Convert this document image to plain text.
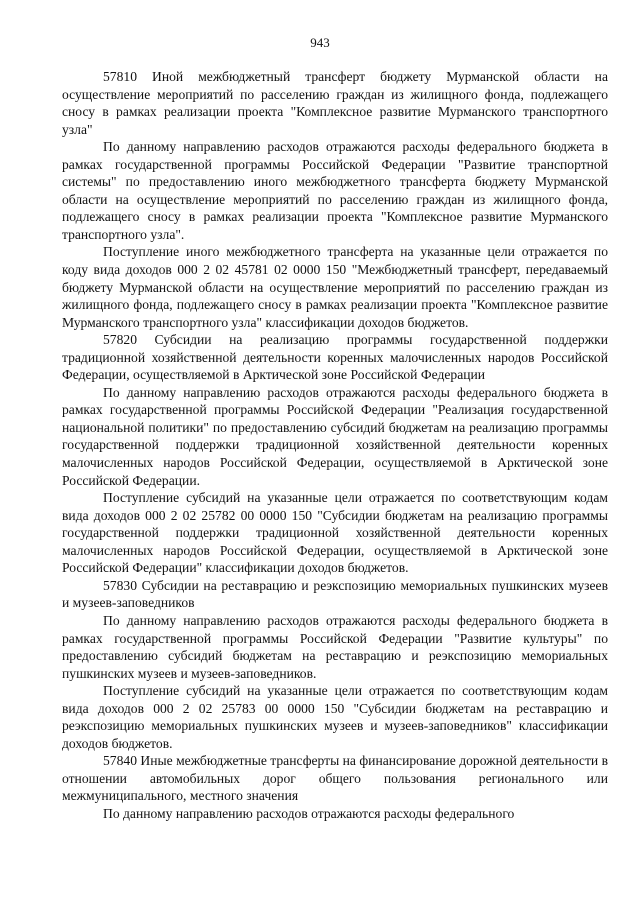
943

57810 Иной межбюджетный трансферт бюджету Мурманской области на осуществление мероприятий по расселению граждан из жилищного фонда, подлежащего сносу в рамках реализации проекта "Комплексное развитие Мурманского транспортного узла"

По данному направлению расходов отражаются расходы федерального бюджета в рамках государственной программы Российской Федерации "Развитие транспортной системы" по предоставлению иного межбюджетного трансферта бюджету Мурманской области на осуществление мероприятий по расселению граждан из жилищного фонда, подлежащего сносу в рамках реализации проекта "Комплексное развитие Мурманского транспортного узла".

Поступление иного межбюджетного трансферта на указанные цели отражается по коду вида доходов 000 2 02 45781 02 0000 150 "Межбюджетный трансферт, передаваемый бюджету Мурманской области на осуществление мероприятий по расселению граждан из жилищного фонда, подлежащего сносу в рамках реализации проекта "Комплексное развитие Мурманского транспортного узла" классификации доходов бюджетов.

57820 Субсидии на реализацию программы государственной поддержки традиционной хозяйственной деятельности коренных малочисленных народов Российской Федерации, осуществляемой в Арктической зоне Российской Федерации

По данному направлению расходов отражаются расходы федерального бюджета в рамках государственной программы Российской Федерации "Реализация государственной национальной политики" по предоставлению субсидий бюджетам на реализацию программы государственной поддержки традиционной хозяйственной деятельности коренных малочисленных народов Российской Федерации, осуществляемой в Арктической зоне Российской Федерации.

Поступление субсидий на указанные цели отражается по соответствующим кодам вида доходов 000 2 02 25782 00 0000 150 "Субсидии бюджетам на реализацию программы государственной поддержки традиционной хозяйственной деятельности коренных малочисленных народов Российской Федерации, осуществляемой в Арктической зоне Российской Федерации" классификации доходов бюджетов.

57830 Субсидии на реставрацию и реэкспозицию мемориальных пушкинских музеев и музеев-заповедников

По данному направлению расходов отражаются расходы федерального бюджета в рамках государственной программы Российской Федерации "Развитие культуры" по предоставлению субсидий бюджетам на реставрацию и реэкспозицию мемориальных пушкинских музеев и музеев-заповедников.

Поступление субсидий на указанные цели отражается по соответствующим кодам вида доходов 000 2 02 25783 00 0000 150 "Субсидии бюджетам на реставрацию и реэкспозицию мемориальных пушкинских музеев и музеев-заповедников" классификации доходов бюджетов.

57840 Иные межбюджетные трансферты на финансирование дорожной деятельности в отношении автомобильных дорог общего пользования регионального или межмуниципального, местного значения

По данному направлению расходов отражаются расходы федерального
